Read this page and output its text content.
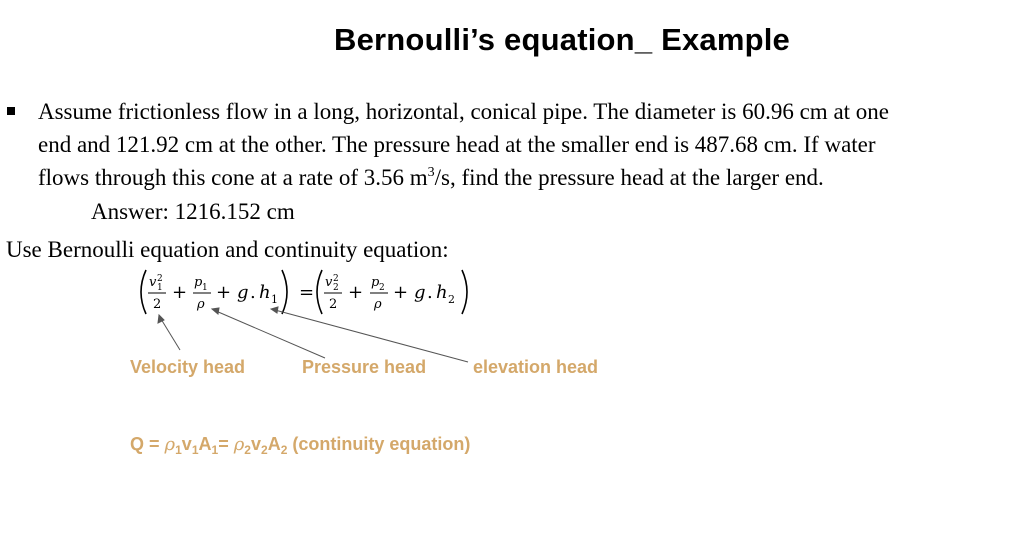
Bernoulli’s equation_ Example
Assume frictionless flow in a long, horizontal, conical pipe. The diameter is 60.96 cm at one
end and 121.92 cm at the other. The pressure head at the smaller end is 487.68 cm. If water
flows through this cone at a rate of 3.56 $m^3/s$, find the pressure head at the larger end.
Answer: 1216.152 cm
Use Bernoulli equation and continuity equation:
v 1
2
2
+ p 1
ρ
+ g . h 1 = v 2
2
2
+ p 2
ρ
+ g . h 2
Velocity head	Pressure head	elevation head
$Q = \rho_1v_1A_1= \rho_2v_2A_2$ (continuity equation)
